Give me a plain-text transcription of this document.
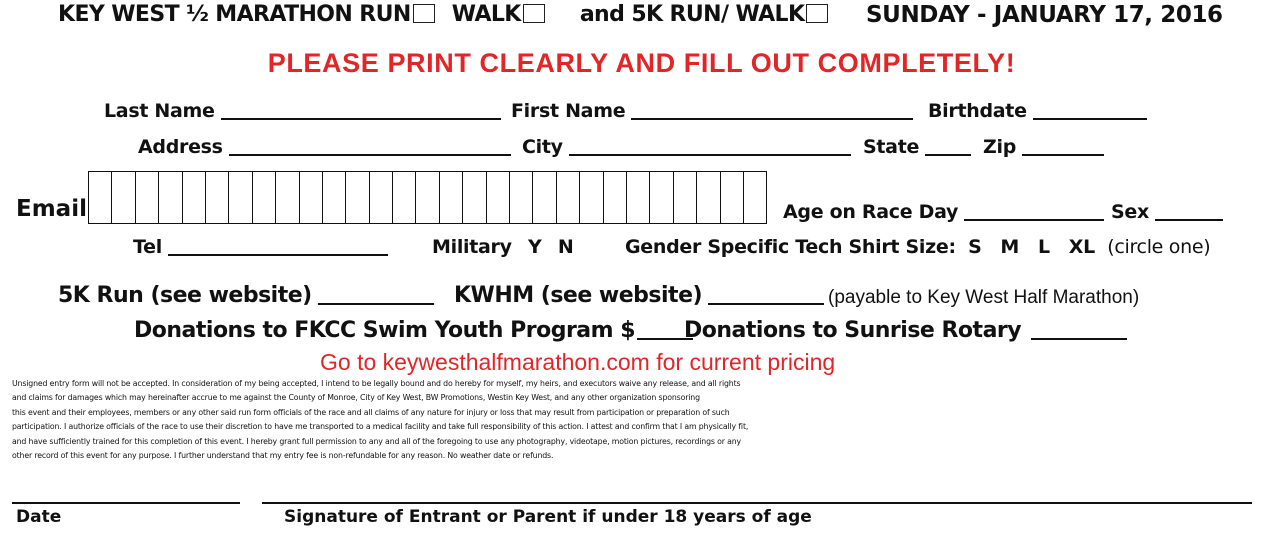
KEY WEST ½ MARATHON RUN WALK	and 5K RUN/ WALK	SUNDAY - JANUARY 17, 2016
PLEASE PRINT CLEARLY AND FILL OUT COMPLETELY!
Last Name	First Name	Birthdate
Address	City	State	Zip
Email	Age on Race Day	Sex
Tel	Military Y N	Gender Specific Tech Shirt Size: S   M   L   XL (circle one)
5K Run (see website)	KWHM (see website)	(payable to Key West Half Marathon)
Donations to FKCC Swim Youth Program $	Donations to Sunrise Rotary
Go to keywesthalfmarathon.com for current pricing
Unsigned entry form will not be accepted. In consideration of my being accepted, I intend to be legally bound and do hereby for myself, my heirs, and executors waive any release, and all rights
and claims for damages which may hereinafter accrue to me against the County of Monroe, City of Key West, BW Promotions, Westin Key West, and any other organization sponsoring
this event and their employees, members or any other said run form officials of the race and all claims of any nature for injury or loss that may result from participation or preparation of such
participation. I authorize officials of the race to use their discretion to have me transported to a medical facility and take full responsibility of this action. I attest and confirm that I am physically fit,
and have sufficiently trained for this completion of this event. I hereby grant full permission to any and all of the foregoing to use any photography, videotape, motion pictures, recordings or any
other record of this event for any purpose. I further understand that my entry fee is non-refundable for any reason. No weather date or refunds.
Date	Signature of Entrant or Parent if under 18 years of age
